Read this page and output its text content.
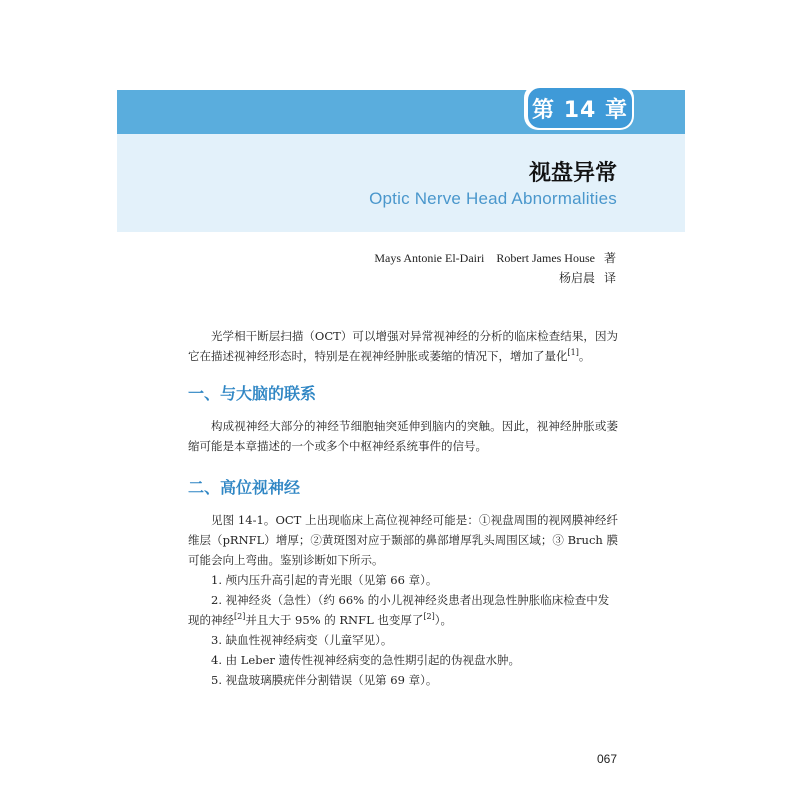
第 14 章
视盘异常
Optic Nerve Head Abnormalities
Mays Antonie El-Dairi    Robert James House 著
杨启晨 译

光学相干断层扫描（OCT）可以增强对异常视神经的分析的临床检查结果，因为它在描述视神经形态时，特别是在视神经肿胀或萎缩的情况下，增加了量化[1]。

一、与大脑的联系

构成视神经大部分的神经节细胞轴突延伸到脑内的突触。因此，视神经肿胀或萎缩可能是本章描述的一个或多个中枢神经系统事件的信号。

二、高位视神经

见图 14-1。OCT 上出现临床上高位视神经可能是：①视盘周围的视网膜神经纤维层（pRNFL）增厚；②黄斑图对应于颞部的鼻部增厚乳头周围区域；③ Bruch 膜可能会向上弯曲。鉴别诊断如下所示。

1. 颅内压升高引起的青光眼（见第 66 章）。

2. 视神经炎（急性）（约 66% 的小儿视神经炎患者出现急性肿胀临床检查中发现的神经[2]并且大于 95% 的 RNFL 也变厚了[2]）。

3. 缺血性视神经病变（儿童罕见）。

4. 由 Leber 遗传性视神经病变的急性期引起的伪视盘水肿。

5. 视盘玻璃膜疣伴分割错误（见第 69 章）。

067
